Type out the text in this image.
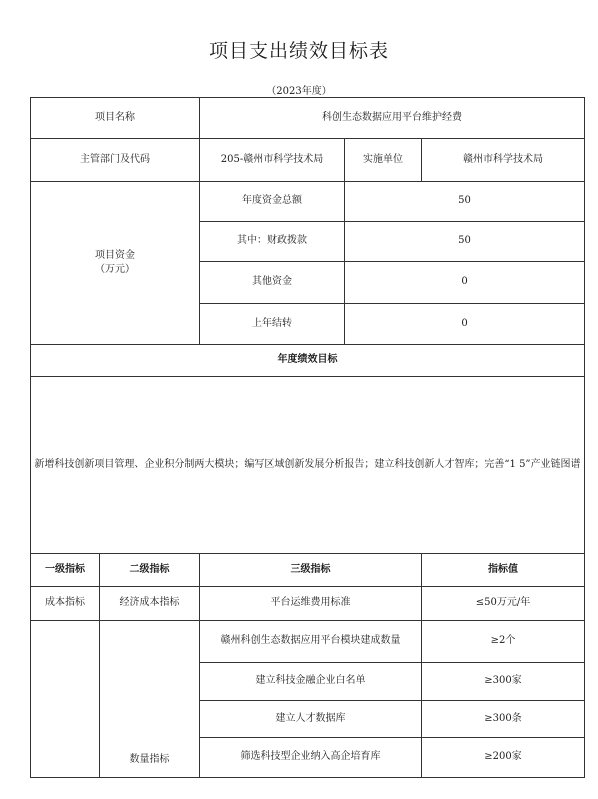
项目支出绩效目标表
（2023年度）
项目名称		科创生态数据应用平台维护经费		
主管部门及代码		205-赣州市科学技术局	实施单位	赣州市科学技术局
项目资金
（万元）		年度资金总额	50	
		其中：财政拨款	50	
		其他资金	0	
		上年结转	0	
年度绩效目标				
新增科技创新项目管理、企业积分制两大模块；编写区域创新发展分析报告；建立科技创新人才智库；完善“1 5”产业链图谱				
一级指标	二级指标	三级指标		指标值
成本指标	经济成本指标	平台运维费用标准		≤50万元/年
	数量指标	赣州科创生态数据应用平台模块建成数量		≥2个
		建立科技金融企业白名单		≥300家
		建立人才数据库		≥300条
		筛选科技型企业纳入高企培育库		≥200家
